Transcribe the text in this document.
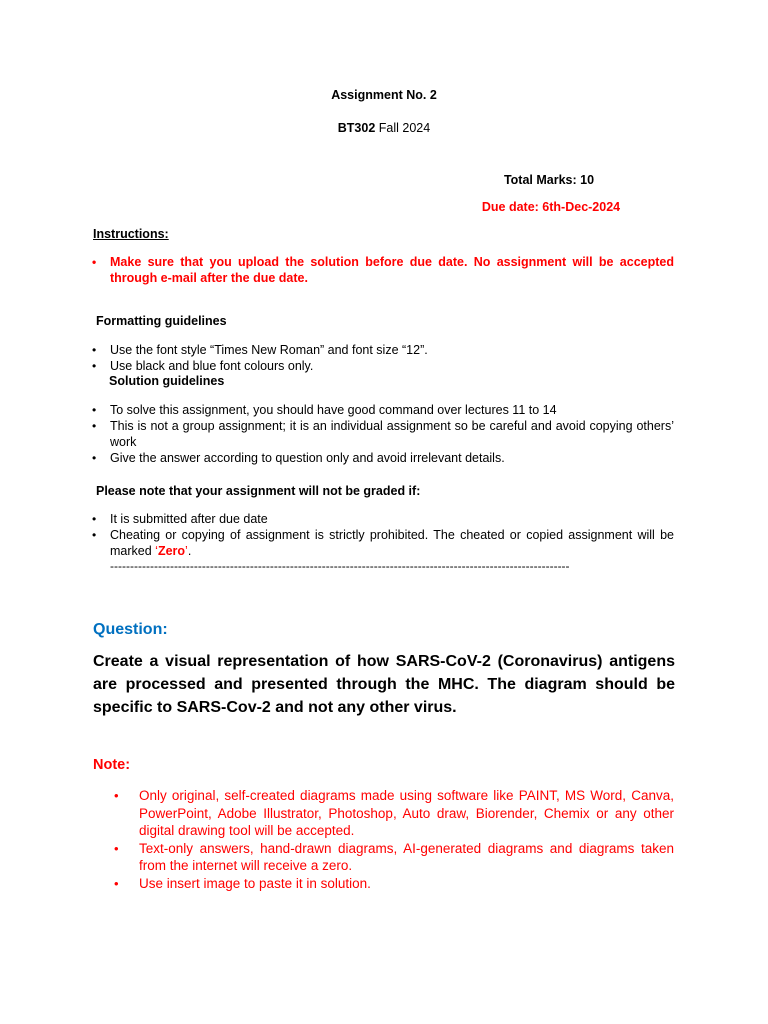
Assignment No. 2
BT302 Fall 2024
Total Marks: 10
Due date: 6th-Dec-2024
Instructions:
• Make sure that you upload the solution before due date. No assignment will be accepted through e-mail after the due date.
Formatting guidelines
• Use the font style “Times New Roman” and font size “12”.
• Use black and blue font colours only.
Solution guidelines
• To solve this assignment, you should have good command over lectures 11 to 14
• This is not a group assignment; it is an individual assignment so be careful and avoid copying others’ work
• Give the answer according to question only and avoid irrelevant details.
Please note that your assignment will not be graded if:
• It is submitted after due date
• Cheating or copying of assignment is strictly prohibited. The cheated or copied assignment will be marked ‘Zero’.
-------------------------------------------------------------------------------------------------------------------
Question:
Create a visual representation of how SARS-CoV-2 (Coronavirus) antigens are processed and presented through the MHC. The diagram should be specific to SARS-Cov-2 and not any other virus.
Note:
• Only original, self-created diagrams made using software like PAINT, MS Word, Canva, PowerPoint, Adobe Illustrator, Photoshop, Auto draw, Biorender, Chemix or any other digital drawing tool will be accepted.
• Text-only answers, hand-drawn diagrams, AI-generated diagrams and diagrams taken from the internet will receive a zero.
• Use insert image to paste it in solution.
